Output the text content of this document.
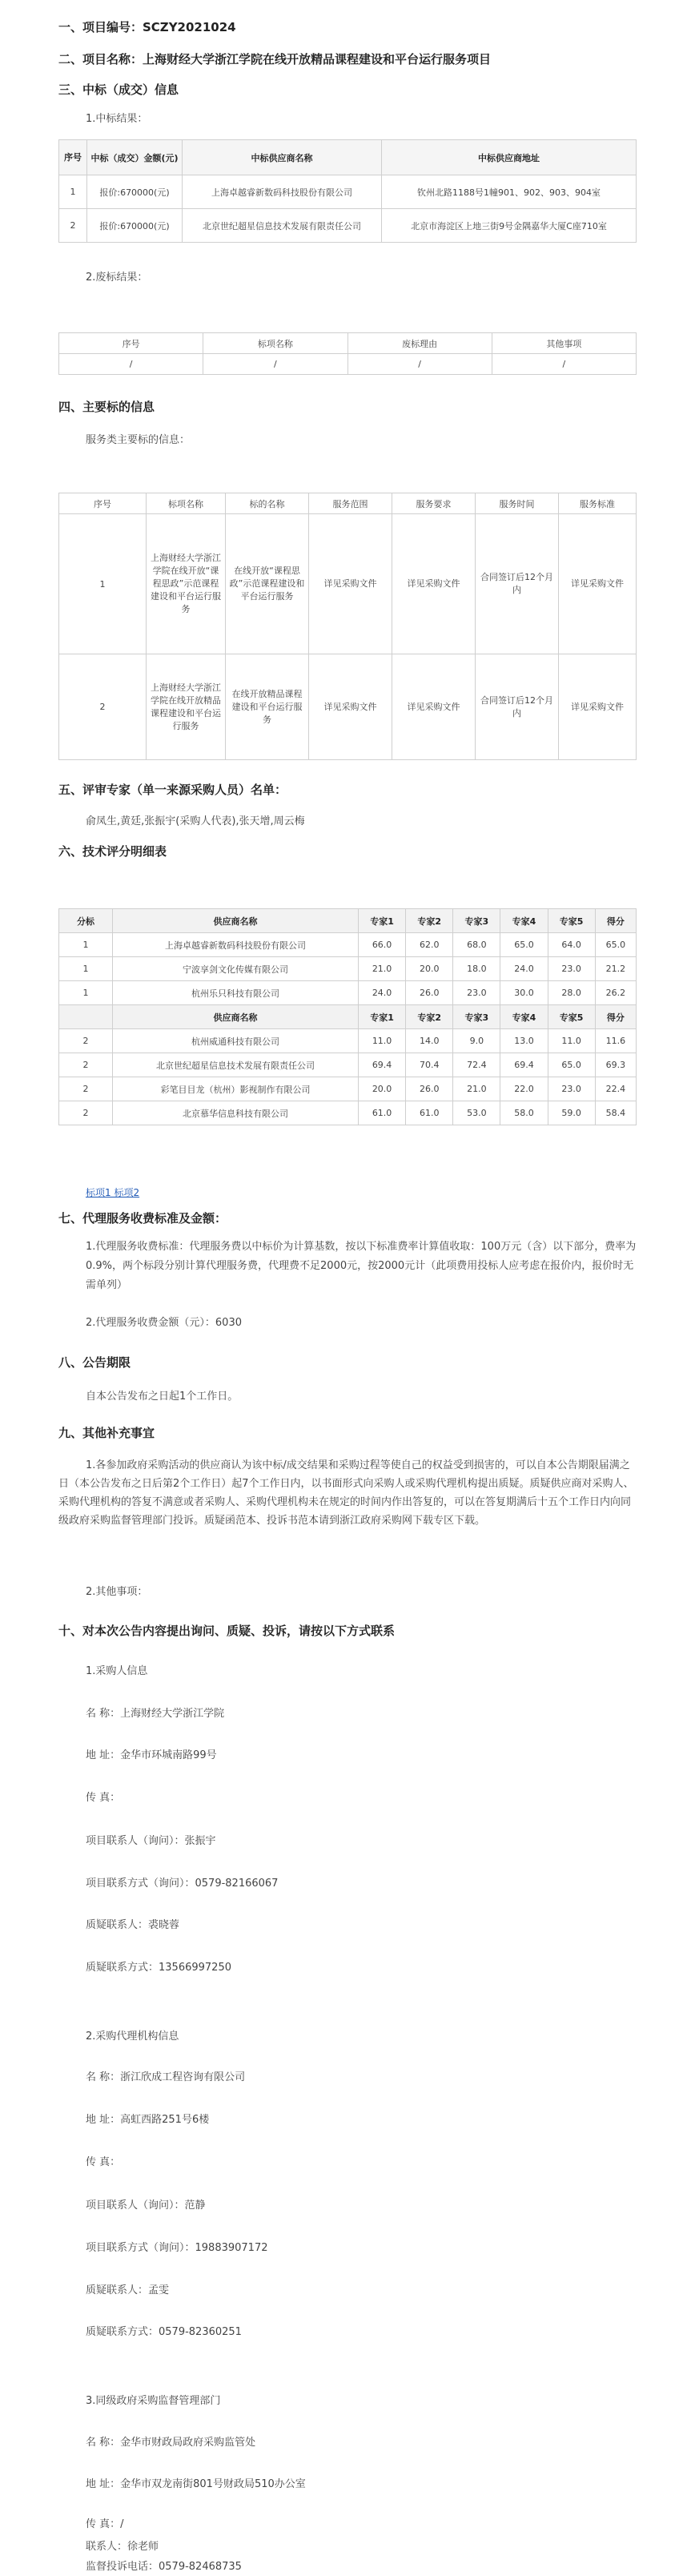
一、项目编号：SCZY2021024
二、项目名称：上海财经大学浙江学院在线开放精品课程建设和平台运行服务项目
三、中标（成交）信息
1.中标结果：
序号	中标（成交）金额(元)	中标供应商名称	中标供应商地址
1	报价:670000(元)	上海卓越睿新数码科技股份有限公司	钦州北路1188号1幢901、902、903、904室
2	报价:670000(元)	北京世纪超星信息技术发展有限责任公司	北京市海淀区上地三街9号金隅嘉华大厦C座710室
2.废标结果：
序号	标项名称	废标理由	其他事项
/	/	/	/
四、主要标的信息
服务类主要标的信息：
序号	标项名称	标的名称	服务范围	服务要求	服务时间	服务标准
1	上海财经大学浙江学院在线开放“课程思政”示范课程建设和平台运行服务	在线开放“课程思政”示范课程建设和平台运行服务	详见采购文件	详见采购文件	合同签订后12个月内	详见采购文件
2	上海财经大学浙江学院在线开放精品课程建设和平台运行服务	在线开放精品课程建设和平台运行服务	详见采购文件	详见采购文件	合同签订后12个月内	详见采购文件
五、评审专家（单一来源采购人员）名单：
俞凤生,黄廷,张振宇(采购人代表),张天增,周云梅
六、技术评分明细表
分标	供应商名称	专家1	专家2	专家3	专家4	专家5	得分
1	上海卓越睿新数码科技股份有限公司	66.0	62.0	68.0	65.0	64.0	65.0
1	宁波享剑文化传媒有限公司	21.0	20.0	18.0	24.0	23.0	21.2
1	杭州乐只科技有限公司	24.0	26.0	23.0	30.0	28.0	26.2
	供应商名称	专家1	专家2	专家3	专家4	专家5	得分
2	杭州威通科技有限公司	11.0	14.0	9.0	13.0	11.0	11.6
2	北京世纪超星信息技术发展有限责任公司	69.4	70.4	72.4	69.4	65.0	69.3
2	彩笔目目龙（杭州）影视制作有限公司	20.0	26.0	21.0	22.0	23.0	22.4
2	北京慕华信息科技有限公司	61.0	61.0	53.0	58.0	59.0	58.4
标项1 标项2
七、代理服务收费标准及金额：
1.代理服务收费标准：代理服务费以中标价为计算基数，按以下标准费率计算值收取：100万元（含）以下部分，费率为0.9%，两个标段分别计算代理服务费，代理费不足2000元，按2000元计（此项费用投标人应考虑在报价内，报价时无需单列）
2.代理服务收费金额（元）：6030
八、公告期限
自本公告发布之日起1个工作日。
九、其他补充事宜
1.各参加政府采购活动的供应商认为该中标/成交结果和采购过程等使自己的权益受到损害的，可以自本公告期限届满之日（本公告发布之日后第2个工作日）起7个工作日内，以书面形式向采购人或采购代理机构提出质疑。质疑供应商对采购人、采购代理机构的答复不满意或者采购人、采购代理机构未在规定的时间内作出答复的，可以在答复期满后十五个工作日内向同级政府采购监督管理部门投诉。质疑函范本、投诉书范本请到浙江政府采购网下载专区下载。
2.其他事项：
十、对本次公告内容提出询问、质疑、投诉，请按以下方式联系
1.采购人信息
名 称：上海财经大学浙江学院
地 址：金华市环城南路99号
传 真：
项目联系人（询问）：张振宇
项目联系方式（询问）：0579-82166067
质疑联系人：裘晓蓉
质疑联系方式：13566997250
2.采购代理机构信息
名 称：浙江欣成工程咨询有限公司
地 址：高虹西路251号6楼
传 真：
项目联系人（询问）：范静
项目联系方式（询问）：19883907172
质疑联系人：孟雯
质疑联系方式：0579-82360251
3.同级政府采购监督管理部门
名 称：金华市财政局政府采购监管处
地 址：金华市双龙南街801号财政局510办公室
传 真：/
联系人：徐老师
监督投诉电话：0579-82468735
